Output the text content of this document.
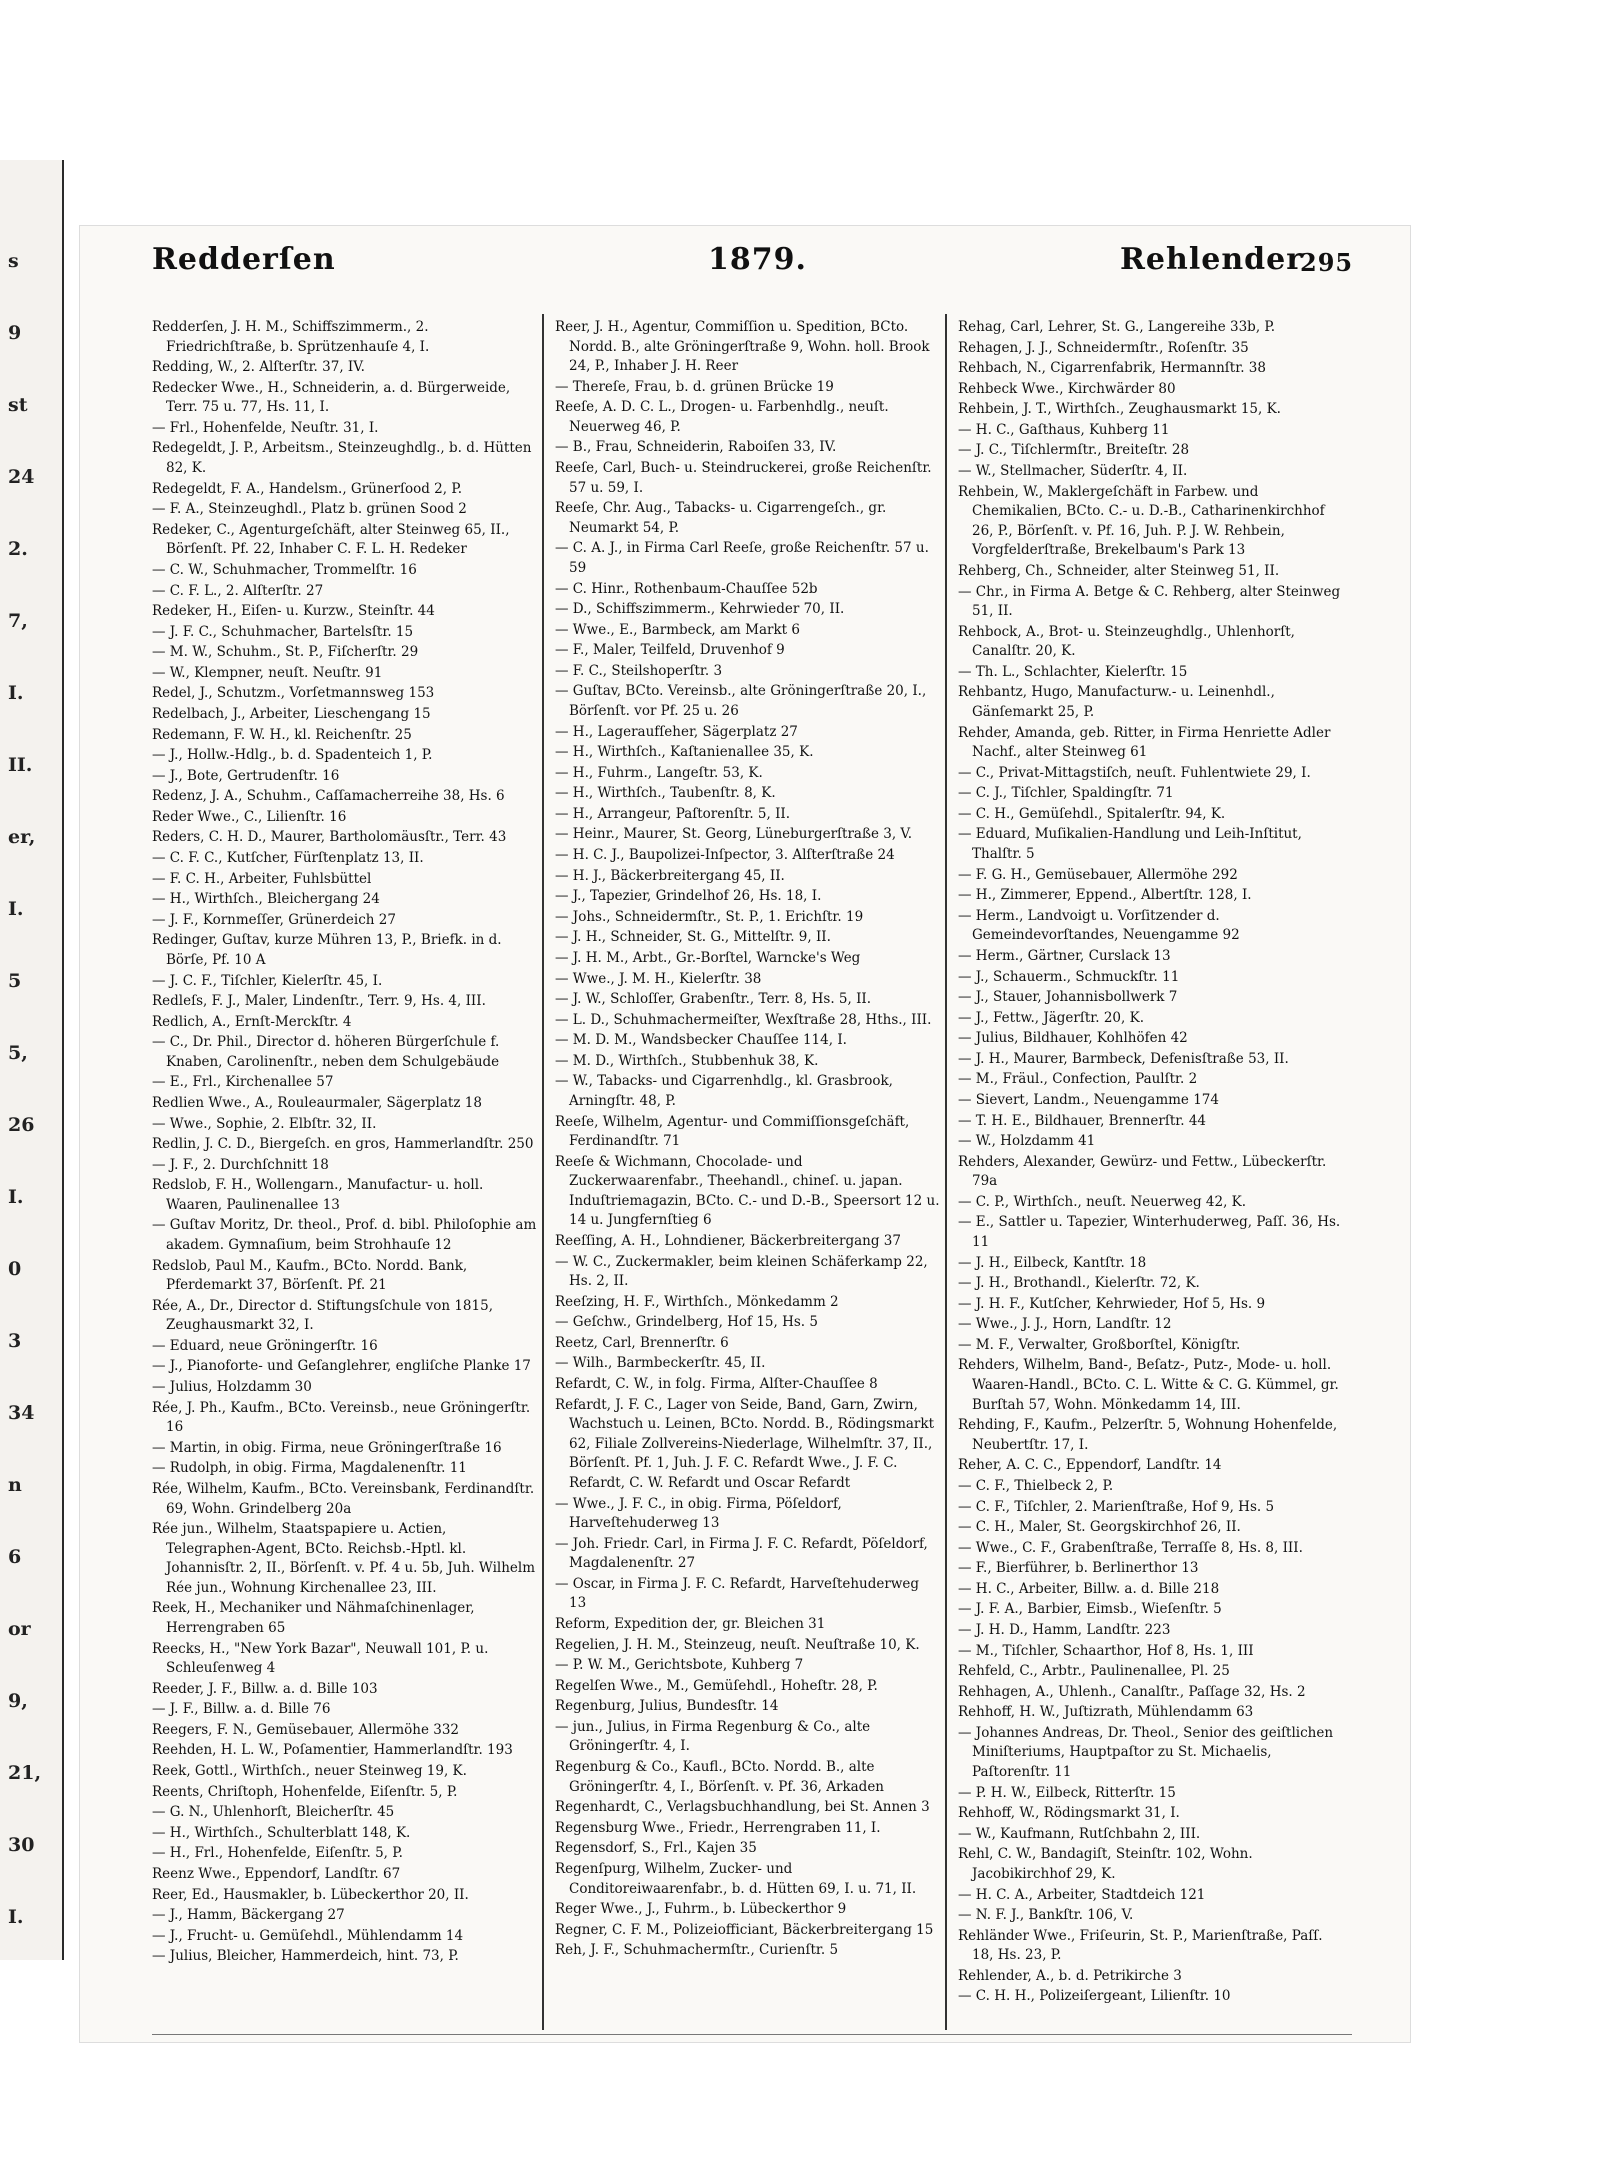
s
9
st
24
2.
7,
I.
II.
er,
I.
5
5,
26
I.
0
3
34
n
6
or
9,
21,
30
I.
Redderſen	1879.	Rehlender
295
Redderſen, J. H. M., Schiffszimmerm., 2. Friedrichſtraße, b. Sprützenhauſe 4, I.
Redding, W., 2. Alſterſtr. 37, IV.
Redecker Wwe., H., Schneiderin, a. d. Bürgerweide, Terr. 75 u. 77, Hs. 11, I.
— Frl., Hohenfelde, Neuſtr. 31, I.
Redegeldt, J. P., Arbeitsm., Steinzeughdlg., b. d. Hütten 82, K.
Redegeldt, F. A., Handelsm., Grünerſood 2, P.
— F. A., Steinzeughdl., Platz b. grünen Sood 2
Redeker, C., Agenturgeſchäft, alter Steinweg 65, II., Börſenſt. Pf. 22, Inhaber C. F. L. H. Redeker
— C. W., Schuhmacher, Trommelſtr. 16
— C. F. L., 2. Alſterſtr. 27
Redeker, H., Eiſen- u. Kurzw., Steinſtr. 44
— J. F. C., Schuhmacher, Bartelsſtr. 15
— M. W., Schuhm., St. P., Fiſcherſtr. 29
— W., Klempner, neuſt. Neuſtr. 91
Redel, J., Schutzm., Vorſetmannsweg 153
Redelbach, J., Arbeiter, Lieschengang 15
Redemann, F. W. H., kl. Reichenſtr. 25
— J., Hollw.-Hdlg., b. d. Spadenteich 1, P.
— J., Bote, Gertrudenſtr. 16
Redenz, J. A., Schuhm., Caſſamacherreihe 38, Hs. 6
Reder Wwe., C., Lilienſtr. 16
Reders, C. H. D., Maurer, Bartholomäusſtr., Terr. 43
— C. F. C., Kutſcher, Fürſtenplatz 13, II.
— F. C. H., Arbeiter, Fuhlsbüttel
— H., Wirthſch., Bleichergang 24
— J. F., Kornmeſſer, Grünerdeich 27
Redinger, Guſtav, kurze Mühren 13, P., Briefk. in d. Börſe, Pf. 10 A
— J. C. F., Tiſchler, Kielerſtr. 45, I.
Redleſs, F. J., Maler, Lindenſtr., Terr. 9, Hs. 4, III.
Redlich, A., Ernſt-Merckſtr. 4
— C., Dr. Phil., Director d. höheren Bürgerſchule f. Knaben, Carolinenſtr., neben dem Schulgebäude
— E., Frl., Kirchenallee 57
Redlien Wwe., A., Rouleaurmaler, Sägerplatz 18
— Wwe., Sophie, 2. Elbſtr. 32, II.
Redlin, J. C. D., Biergeſch. en gros, Hammerlandſtr. 250
— J. F., 2. Durchſchnitt 18
Redslob, F. H., Wollengarn., Manufactur- u. holl. Waaren, Paulinenallee 13
— Guſtav Moritz, Dr. theol., Prof. d. bibl. Philoſophie am akadem. Gymnaſium, beim Strohhauſe 12
Redslob, Paul M., Kaufm., BCto. Nordd. Bank, Pferdemarkt 37, Börſenſt. Pf. 21
Rée, A., Dr., Director d. Stiftungsſchule von 1815, Zeughausmarkt 32, I.
— Eduard, neue Gröningerſtr. 16
— J., Pianoforte- und Geſanglehrer, engliſche Planke 17
— Julius, Holzdamm 30
Rée, J. Ph., Kaufm., BCto. Vereinsb., neue Gröningerſtr. 16
— Martin, in obig. Firma, neue Gröningerſtraße 16
— Rudolph, in obig. Firma, Magdalenenſtr. 11
Rée, Wilhelm, Kaufm., BCto. Vereinsbank, Ferdinandſtr. 69, Wohn. Grindelberg 20a
Rée jun., Wilhelm, Staatspapiere u. Actien, Telegraphen-Agent, BCto. Reichsb.-Hptl. kl. Johannisſtr. 2, II., Börſenſt. v. Pf. 4 u. 5b, Juh. Wilhelm Rée jun., Wohnung Kirchenallee 23, III.
Reek, H., Mechaniker und Nähmaſchinenlager, Herrengraben 65
Reecks, H., "New York Bazar", Neuwall 101, P. u. Schleuſenweg 4
Reeder, J. F., Billw. a. d. Bille 103
— J. F., Billw. a. d. Bille 76
Reegers, F. N., Gemüsebauer, Allermöhe 332
Reehden, H. L. W., Poſamentier, Hammerlandſtr. 193
Reek, Gottl., Wirthſch., neuer Steinweg 19, K.
Reents, Chriſtoph, Hohenfelde, Eiſenſtr. 5, P.
— G. N., Uhlenhorſt, Bleicherſtr. 45
— H., Wirthſch., Schulterblatt 148, K.
— H., Frl., Hohenfelde, Eiſenſtr. 5, P.
Reenz Wwe., Eppendorf, Landſtr. 67
Reer, Ed., Hausmakler, b. Lübeckerthor 20, II.
— J., Hamm, Bäckergang 27
— J., Frucht- u. Gemüſehdl., Mühlendamm 14
— Julius, Bleicher, Hammerdeich, hint. 73, P.
Reer, J. H., Agentur, Commiſſion u. Spedition, BCto. Nordd. B., alte Gröningerſtraße 9, Wohn. holl. Brook 24, P., Inhaber J. H. Reer
— Thereſe, Frau, b. d. grünen Brücke 19
Reeſe, A. D. C. L., Drogen- u. Farbenhdlg., neuſt. Neuerweg 46, P.
— B., Frau, Schneiderin, Raboiſen 33, IV.
Reeſe, Carl, Buch- u. Steindruckerei, große Reichenſtr. 57 u. 59, I.
Reeſe, Chr. Aug., Tabacks- u. Cigarrengeſch., gr. Neumarkt 54, P.
— C. A. J., in Firma Carl Reeſe, große Reichenſtr. 57 u. 59
— C. Hinr., Rothenbaum-Chauſſee 52b
— D., Schiffszimmerm., Kehrwieder 70, II.
— Wwe., E., Barmbeck, am Markt 6
— F., Maler, Teilfeld, Druvenhof 9
— F. C., Steilshoperſtr. 3
— Guſtav, BCto. Vereinsb., alte Gröningerſtraße 20, I., Börſenſt. vor Pf. 25 u. 26
— H., Lageraufſeher, Sägerplatz 27
— H., Wirthſch., Kaſtanienallee 35, K.
— H., Fuhrm., Langeſtr. 53, K.
— H., Wirthſch., Taubenſtr. 8, K.
— H., Arrangeur, Paſtorenſtr. 5, II.
— Heinr., Maurer, St. Georg, Lüneburgerſtraße 3, V.
— H. C. J., Baupolizei-Inſpector, 3. Alſterſtraße 24
— H. J., Bäckerbreitergang 45, II.
— J., Tapezier, Grindelhof 26, Hs. 18, I.
— Johs., Schneidermſtr., St. P., 1. Erichſtr. 19
— J. H., Schneider, St. G., Mittelſtr. 9, II.
— J. H. M., Arbt., Gr.-Borſtel, Warncke's Weg
— Wwe., J. M. H., Kielerſtr. 38
— J. W., Schloſſer, Grabenſtr., Terr. 8, Hs. 5, II.
— L. D., Schuhmachermeiſter, Wexſtraße 28, Hths., III.
— M. D. M., Wandsbecker Chauſſee 114, I.
— M. D., Wirthſch., Stubbenhuk 38, K.
— W., Tabacks- und Cigarrenhdlg., kl. Grasbrook, Arningſtr. 48, P.
Reeſe, Wilhelm, Agentur- und Commiſſionsgeſchäft, Ferdinandſtr. 71
Reeſe & Wichmann, Chocolade- und Zuckerwaarenfabr., Theehandl., chineſ. u. japan. Induſtriemagazin, BCto. C.- und D.-B., Speersort 12 u. 14 u. Jungfernſtieg 6
Reeſſing, A. H., Lohndiener, Bäckerbreitergang 37
— W. C., Zuckermakler, beim kleinen Schäferkamp 22, Hs. 2, II.
Reeſzing, H. F., Wirthſch., Mönkedamm 2
— Geſchw., Grindelberg, Hof 15, Hs. 5
Reetz, Carl, Brennerſtr. 6
— Wilh., Barmbeckerſtr. 45, II.
Refardt, C. W., in folg. Firma, Alſter-Chauſſee 8
Refardt, J. F. C., Lager von Seide, Band, Garn, Zwirn, Wachstuch u. Leinen, BCto. Nordd. B., Rödingsmarkt 62, Filiale Zollvereins-Niederlage, Wilhelmſtr. 37, II., Börſenſt. Pf. 1, Juh. J. F. C. Refardt Wwe., J. F. C. Refardt, C. W. Refardt und Oscar Refardt
— Wwe., J. F. C., in obig. Firma, Pöſeldorf, Harveſtehuderweg 13
— Joh. Friedr. Carl, in Firma J. F. C. Refardt, Pöſeldorf, Magdalenenſtr. 27
— Oscar, in Firma J. F. C. Refardt, Harveſtehuderweg 13
Reform, Expedition der, gr. Bleichen 31
Regelien, J. H. M., Steinzeug, neuſt. Neuſtraße 10, K.
— P. W. M., Gerichtsbote, Kuhberg 7
Regelſen Wwe., M., Gemüſehdl., Hoheſtr. 28, P.
Regenburg, Julius, Bundesſtr. 14
— jun., Julius, in Firma Regenburg & Co., alte Gröningerſtr. 4, I.
Regenburg & Co., Kaufl., BCto. Nordd. B., alte Gröningerſtr. 4, I., Börſenſt. v. Pf. 36, Arkaden
Regenhardt, C., Verlagsbuchhandlung, bei St. Annen 3
Regensburg Wwe., Friedr., Herrengraben 11, I.
Regensdorf, S., Frl., Kajen 35
Regenſpurg, Wilhelm, Zucker- und Conditoreiwaarenfabr., b. d. Hütten 69, I. u. 71, II.
Reger Wwe., J., Fuhrm., b. Lübeckerthor 9
Regner, C. F. M., Polizeiofficiant, Bäckerbreitergang 15
Reh, J. F., Schuhmachermſtr., Curienſtr. 5
Rehag, Carl, Lehrer, St. G., Langereihe 33b, P.
Rehagen, J. J., Schneidermſtr., Roſenſtr. 35
Rehbach, N., Cigarrenfabrik, Hermannſtr. 38
Rehbeck Wwe., Kirchwärder 80
Rehbein, J. T., Wirthſch., Zeughausmarkt 15, K.
— H. C., Gaſthaus, Kuhberg 11
— J. C., Tiſchlermſtr., Breiteſtr. 28
— W., Stellmacher, Süderſtr. 4, II.
Rehbein, W., Maklergeſchäft in Farbew. und Chemikalien, BCto. C.- u. D.-B., Catharinenkirchhof 26, P., Börſenſt. v. Pf. 16, Juh. P. J. W. Rehbein, Vorgfelderſtraße, Brekelbaum's Park 13
Rehberg, Ch., Schneider, alter Steinweg 51, II.
— Chr., in Firma A. Betge & C. Rehberg, alter Steinweg 51, II.
Rehbock, A., Brot- u. Steinzeughdlg., Uhlenhorſt, Canalſtr. 20, K.
— Th. L., Schlachter, Kielerſtr. 15
Rehbantz, Hugo, Manufacturw.- u. Leinenhdl., Gänſemarkt 25, P.
Rehder, Amanda, geb. Ritter, in Firma Henriette Adler Nachf., alter Steinweg 61
— C., Privat-Mittagstiſch, neuſt. Fuhlentwiete 29, I.
— C. J., Tiſchler, Spaldingſtr. 71
— C. H., Gemüſehdl., Spitalerſtr. 94, K.
— Eduard, Muſikalien-Handlung und Leih-Inſtitut, Thalſtr. 5
— F. G. H., Gemüsebauer, Allermöhe 292
— H., Zimmerer, Eppend., Albertſtr. 128, I.
— Herm., Landvoigt u. Vorſitzender d. Gemeindevorſtandes, Neuengamme 92
— Herm., Gärtner, Curslack 13
— J., Schauerm., Schmuckſtr. 11
— J., Stauer, Johannisbollwerk 7
— J., Fettw., Jägerſtr. 20, K.
— Julius, Bildhauer, Kohlhöfen 42
— J. H., Maurer, Barmbeck, Defenisſtraße 53, II.
— M., Fräul., Confection, Paulſtr. 2
— Sievert, Landm., Neuengamme 174
— T. H. E., Bildhauer, Brennerſtr. 44
— W., Holzdamm 41
Rehders, Alexander, Gewürz- und Fettw., Lübeckerſtr. 79a
— C. P., Wirthſch., neuſt. Neuerweg 42, K.
— E., Sattler u. Tapezier, Winterhuderweg, Paſſ. 36, Hs. 11
— J. H., Eilbeck, Kantſtr. 18
— J. H., Brothandl., Kielerſtr. 72, K.
— J. H. F., Kutſcher, Kehrwieder, Hof 5, Hs. 9
— Wwe., J. J., Horn, Landſtr. 12
— M. F., Verwalter, Großborſtel, Königſtr.
Rehders, Wilhelm, Band-, Beſatz-, Putz-, Mode- u. holl. Waaren-Handl., BCto. C. L. Witte & C. G. Kümmel, gr. Burſtah 57, Wohn. Mönkedamm 14, III.
Rehding, F., Kaufm., Pelzerſtr. 5, Wohnung Hohenfelde, Neubertſtr. 17, I.
Reher, A. C. C., Eppendorf, Landſtr. 14
— C. F., Thielbeck 2, P.
— C. F., Tiſchler, 2. Marienſtraße, Hof 9, Hs. 5
— C. H., Maler, St. Georgskirchhof 26, II.
— Wwe., C. F., Grabenſtraße, Terraſſe 8, Hs. 8, III.
— F., Bierführer, b. Berlinerthor 13
— H. C., Arbeiter, Billw. a. d. Bille 218
— J. F. A., Barbier, Eimsb., Wieſenſtr. 5
— J. H. D., Hamm, Landſtr. 223
— M., Tiſchler, Schaarthor, Hof 8, Hs. 1, III
Rehfeld, C., Arbtr., Paulinenallee, Pl. 25
Rehhagen, A., Uhlenh., Canalſtr., Paſſage 32, Hs. 2
Rehhoff, H. W., Juſtizrath, Mühlendamm 63
— Johannes Andreas, Dr. Theol., Senior des geiſtlichen Miniſteriums, Hauptpaſtor zu St. Michaelis, Paſtorenſtr. 11
— P. H. W., Eilbeck, Ritterſtr. 15
Rehhoff, W., Rödingsmarkt 31, I.
— W., Kaufmann, Rutſchbahn 2, III.
Rehl, C. W., Bandagiſt, Steinſtr. 102, Wohn. Jacobikirchhof 29, K.
— H. C. A., Arbeiter, Stadtdeich 121
— N. F. J., Bankſtr. 106, V.
Rehländer Wwe., Friſeurin, St. P., Marienſtraße, Paſſ. 18, Hs. 23, P.
Rehlender, A., b. d. Petrikirche 3
— C. H. H., Polizeiſergeant, Lilienſtr. 10
